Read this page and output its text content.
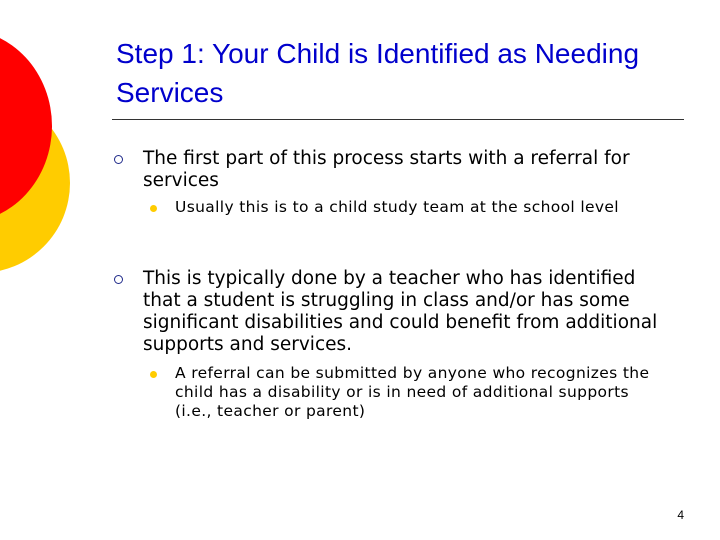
Step 1: Your Child is Identified as Needing Services
The first part of this process starts with a referral for services
Usually this is to a child study team at the school level
This is typically done by a teacher who has identified that a student is struggling in class and/or has some significant disabilities and could benefit from additional supports and services.
A referral can be submitted by anyone who recognizes the child has a disability or is in need of additional supports (i.e., teacher or parent)
4
